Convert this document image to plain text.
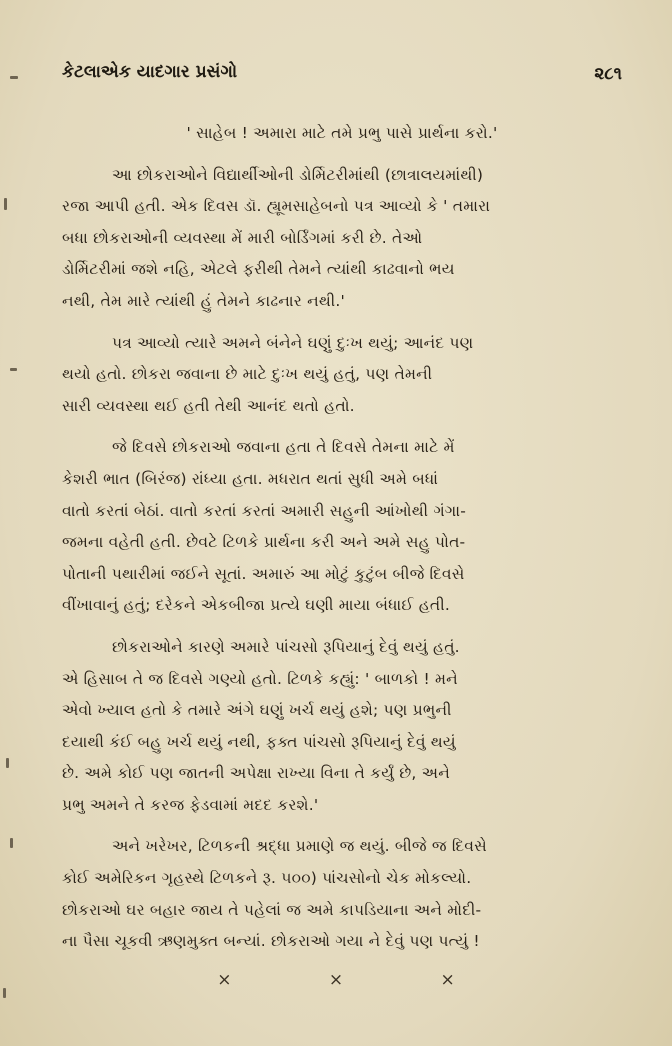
કેટલાએક યાદગાર પ્રસંગો	૨૮૧
' સાહેબ ! અમારા માટે તમે પ્રભુ પાસે પ્રાર્થના કરો.'
આ છોકરાઓને વિદ્યાર્થીઓની ડોર્મિટરીમાંથી (છાત્રાલયમાંથી)
રજા આપી હતી. એક દિવસ ડૉ. હ્યૂમસાહેબનો પત્ર આવ્યો કે ' તમારા
બધા છોકરાઓની વ્યવસ્થા મેં મારી બોર્ડિંગમાં કરી છે. તેઓ
ડોર્મિટરીમાં જશે નહિ, એટલે ફરીથી તેમને ત્યાંથી કાઢવાનો ભય
નથી, તેમ મારે ત્યાંથી હું તેમને કાઢનાર નથી.'
પત્ર આવ્યો ત્યારે અમને બંનેને ઘણું દુઃખ થયું; આનંદ પણ
થયો હતો. છોકરા જવાના છે માટે દુઃખ થયું હતું, પણ તેમની
સારી વ્યવસ્થા થઈ હતી તેથી આનંદ થતો હતો.
જે દિવસે છોકરાઓ જવાના હતા તે દિવસે તેમના માટે મેં
કેશરી ભાત (બિરંજ) રાંધ્યા હતા. મધરાત થતાં સુધી અમે બધાં
વાતો કરતાં બેઠાં. વાતો કરતાં કરતાં અમારી સહુની આંખોથી ગંગા-
જમના વહેતી હતી. છેવટે ટિળકે પ્રાર્થના કરી અને અમે સહુ પોત-
પોતાની પથારીમાં જઈને સૂતાં. અમારું આ મોટું કુટુંબ બીજે દિવસે
વીંખાવાનું હતું; દરેકને એકબીજા પ્રત્યે ઘણી માયા બંધાઈ હતી.
છોકરાઓને કારણે અમારે પાંચસો રૂપિયાનું દેવું થયું હતું.
એ હિસાબ તે જ દિવસે ગણ્યો હતો. ટિળકે કહ્યું: ' બાળકો ! મને
એવો ખ્યાલ હતો કે તમારે અંગે ઘણું ખર્ચ થયું હશે; પણ પ્રભુની
દયાથી કંઈ બહુ ખર્ચ થયું નથી, ફક્ત પાંચસો રૂપિયાનું દેવું થયું
છે. અમે કોઈ પણ જાતની અપેક્ષા રાખ્યા વિના તે કર્યું છે, અને
પ્રભુ અમને તે કરજ ફેડવામાં મદદ કરશે.'
અને ખરેખર, ટિળકની શ્રદ્ધા પ્રમાણે જ થયું. બીજે જ દિવસે
કોઈ અમેરિકન ગૃહસ્થે ટિળકને રૂ. ૫૦૦) પાંચસોનો ચેક મોકલ્યો.
છોકરાઓ ઘર બહાર જાય તે પહેલાં જ અમે કાપડિયાના અને મોદી-
ના પૈસા ચૂકવી ઋણમુક્ત બન્યાં. છોકરાઓ ગયા ને દેવું પણ પત્યું !
×	×	×
